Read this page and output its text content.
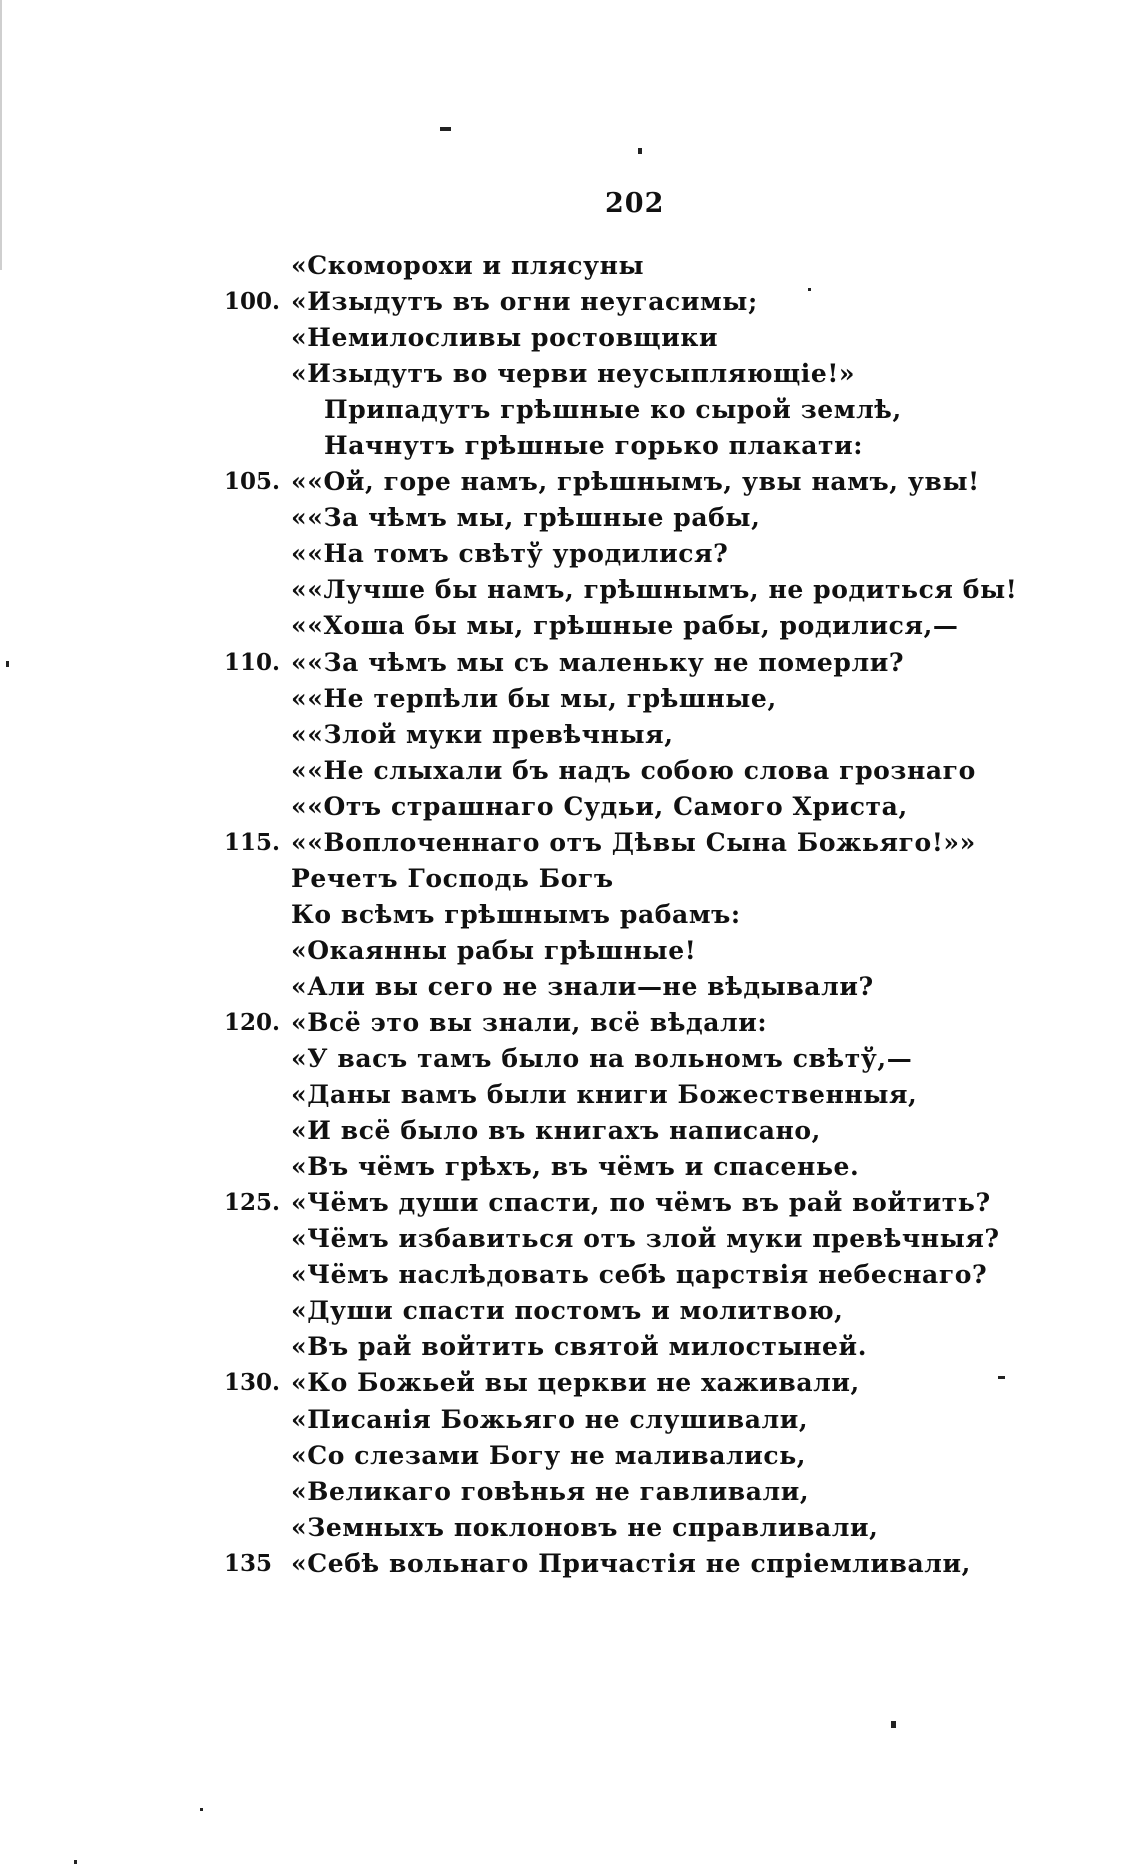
202
«Скоморохи и плясуны
100. «Изыдутъ въ огни неугасимы;
«Немилосливы ростовщики
«Изыдутъ во черви неусыпляющіе!»
Припадутъ грѣшные ко сырой землѣ,
Начнутъ грѣшные горько плакати:
105. ««Ой, горе намъ, грѣшнымъ, увы намъ, увы!
««За чѣмъ мы, грѣшные рабы,
««На томъ свѣтў уродилися?
««Лучше бы намъ, грѣшнымъ, не родиться бы!
««Хоша бы мы, грѣшные рабы, родилися,—
110. ««За чѣмъ мы съ маленьку не померли?
««Не терпѣли бы мы, грѣшные,
««Злой муки превѣчныя,
««Не слыхали бъ надъ собою слова грознаго
««Отъ страшнаго Судьи, Самого Христа,
115. ««Воплоченнаго отъ Дѣвы Сына Божьяго!»»
Речетъ Господь Богъ
Ко всѣмъ грѣшнымъ рабамъ:
«Окаянны рабы грѣшные!
«Али вы сего не знали—не вѣдывали?
120. «Всё это вы знали, всё вѣдали:
«У васъ тамъ было на вольномъ свѣтў,—
«Даны вамъ были книги Божественныя,
«И всё было въ книгахъ написано,
«Въ чёмъ грѣхъ, въ чёмъ и спасенье.
125. «Чёмъ души спасти, по чёмъ въ рай войтить?
«Чёмъ избавиться отъ злой муки превѣчныя?
«Чёмъ наслѣдовать себѣ царствія небеснаго?
«Души спасти постомъ и молитвою,
«Въ рай войтить святой милостыней.
130. «Ко Божьей вы церкви не хаживали,
«Писанія Божьяго не слушивали,
«Со слезами Богу не маливались,
«Великаго говѣнья не гавливали,
«Земныхъ поклоновъ не справливали,
135 «Себѣ вольнаго Причастія не спріемливали,
